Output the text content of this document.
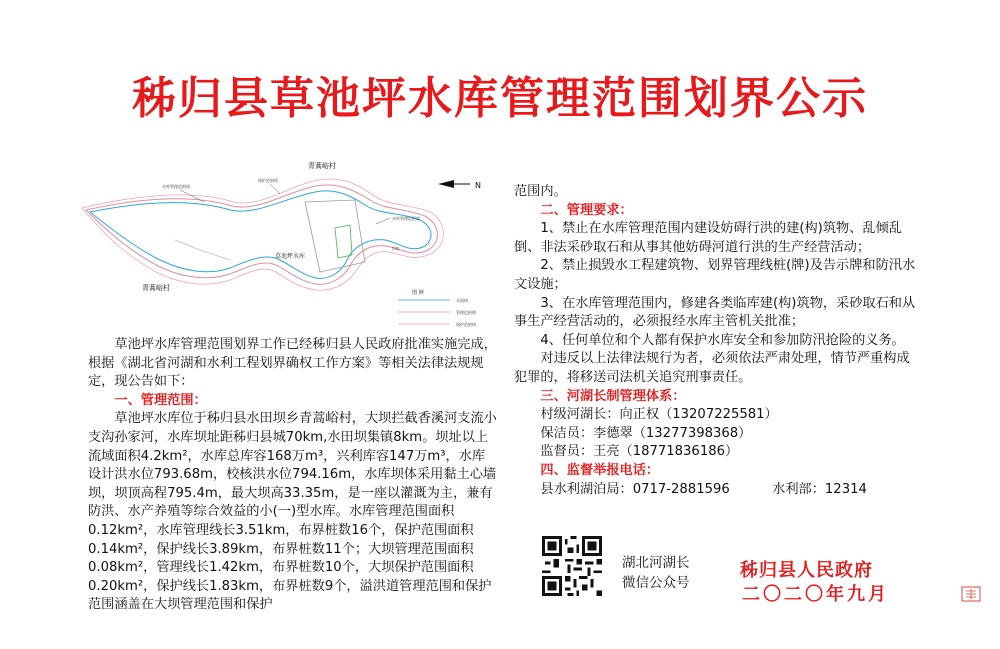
秭归县草池坪水库管理范围划界公示
青蒿峪村
青蒿峪村
草池坪水库
水库管理范围线
保护范围线
水库管理范围线
坝址
N
图 例
水面线
管理范围线
保护范围线

草池坪水库管理范围划界工作已经秭归县人民政府批准实施完成，根据《湖北省河湖和水利工程划界确权工作方案》等相关法律法规规定，现公告如下：

一、管理范围：

草池坪水库位于秭归县水田坝乡青蒿峪村，大坝拦截香溪河支流小支沟孙家河，水库坝址距秭归县城70km,水田坝集镇8km。坝址以上流域面积4.2km²，水库总库容168万m³，兴利库容147万m³，水库设计洪水位793.68m，校核洪水位794.16m，水库坝体采用黏土心墙坝，坝顶高程795.4m，最大坝高33.35m，是一座以灌溉为主，兼有防洪、水产养殖等综合效益的小(一)型水库。水库管理范围面积0.12km²，水库管理线长3.51km，布界桩数16个，保护范围面积0.14km²，保护线长3.89km，布界桩数11个；大坝管理范围面积0.08km²，管理线长1.42km，布界桩数10个，大坝保护范围面积0.20km²，保护线长1.83km，布界桩数9个，溢洪道管理范围和保护范围涵盖在大坝管理范围和保护

范围内。

二、管理要求：

1、禁止在水库管理范围内建设妨碍行洪的建(构)筑物、乱倾乱倒、非法采砂取石和从事其他妨碍河道行洪的生产经营活动；

2、禁止损毁水工程建筑物、划界管理线桩(牌)及告示牌和防汛水文设施；

3、在水库管理范围内，修建各类临库建(构)筑物，采砂取石和从事生产经营活动的，必须报经水库主管机关批准；

4、任何单位和个人都有保护水库安全和参加防汛抢险的义务。

对违反以上法律法规行为者，必须依法严肃处理，情节严重构成犯罪的，将移送司法机关追究刑事责任。

三、河湖长制管理体系：

村级河湖长：向正权（13207225581）

保洁员：李德翠（13277398368）

监督员：王亮（18771836186）

四、监督举报电话：

县水利湖泊局：0717-2881596	水利部：12314

湖北河湖长
微信公众号
秭归县人民政府
二〇二〇年九月
